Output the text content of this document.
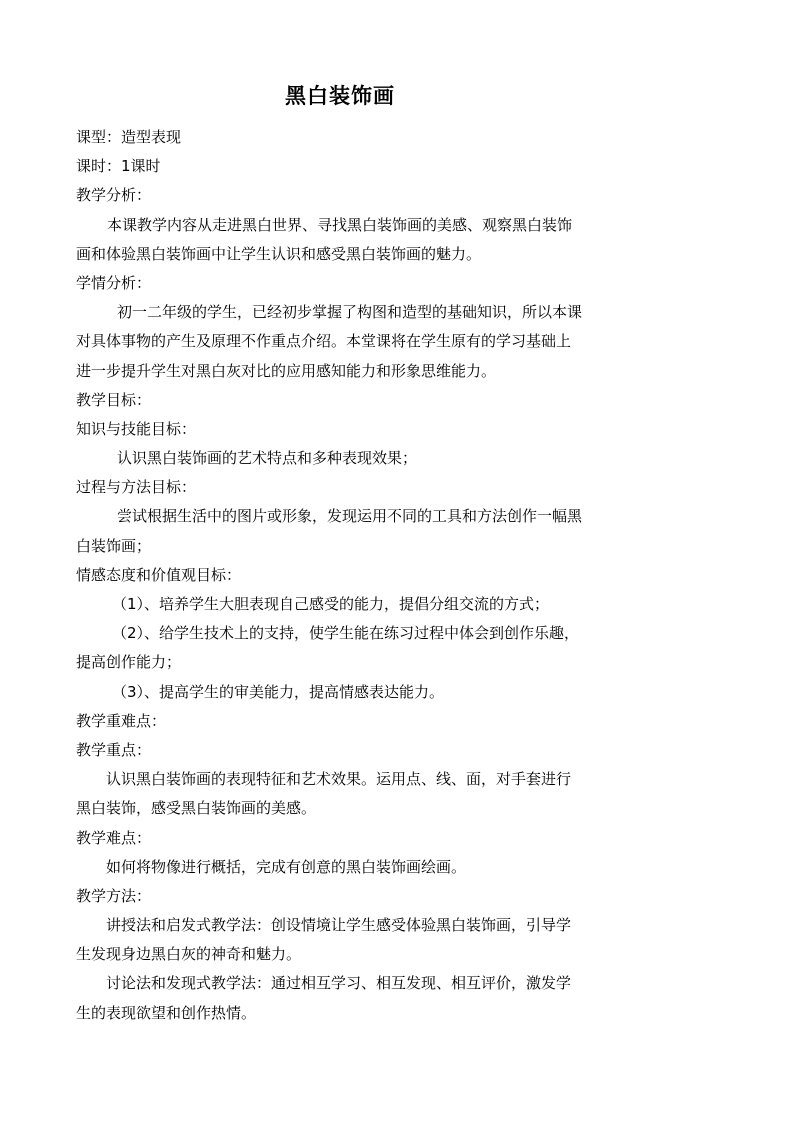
黑白装饰画
课型：造型表现
课时：1课时
教学分析：
本课教学内容从走进黑白世界、寻找黑白装饰画的美感、观察黑白装饰
画和体验黑白装饰画中让学生认识和感受黑白装饰画的魅力。
学情分析：
初一二年级的学生，已经初步掌握了构图和造型的基础知识，所以本课
对具体事物的产生及原理不作重点介绍。本堂课将在学生原有的学习基础上
进一步提升学生对黑白灰对比的应用感知能力和形象思维能力。
教学目标：
知识与技能目标：
认识黑白装饰画的艺术特点和多种表现效果；
过程与方法目标：
尝试根据生活中的图片或形象，发现运用不同的工具和方法创作一幅黑
白装饰画；
情感态度和价值观目标：
（1）、培养学生大胆表现自己感受的能力，提倡分组交流的方式；
（2）、给学生技术上的支持，使学生能在练习过程中体会到创作乐趣，
提高创作能力；
（3）、提高学生的审美能力，提高情感表达能力。
教学重难点：
教学重点：
认识黑白装饰画的表现特征和艺术效果。运用点、线、面，对手套进行
黑白装饰，感受黑白装饰画的美感。
教学难点：
如何将物像进行概括，完成有创意的黑白装饰画绘画。
教学方法：
讲授法和启发式教学法：创设情境让学生感受体验黑白装饰画，引导学
生发现身边黑白灰的神奇和魅力。
讨论法和发现式教学法：通过相互学习、相互发现、相互评价，激发学
生的表现欲望和创作热情。
